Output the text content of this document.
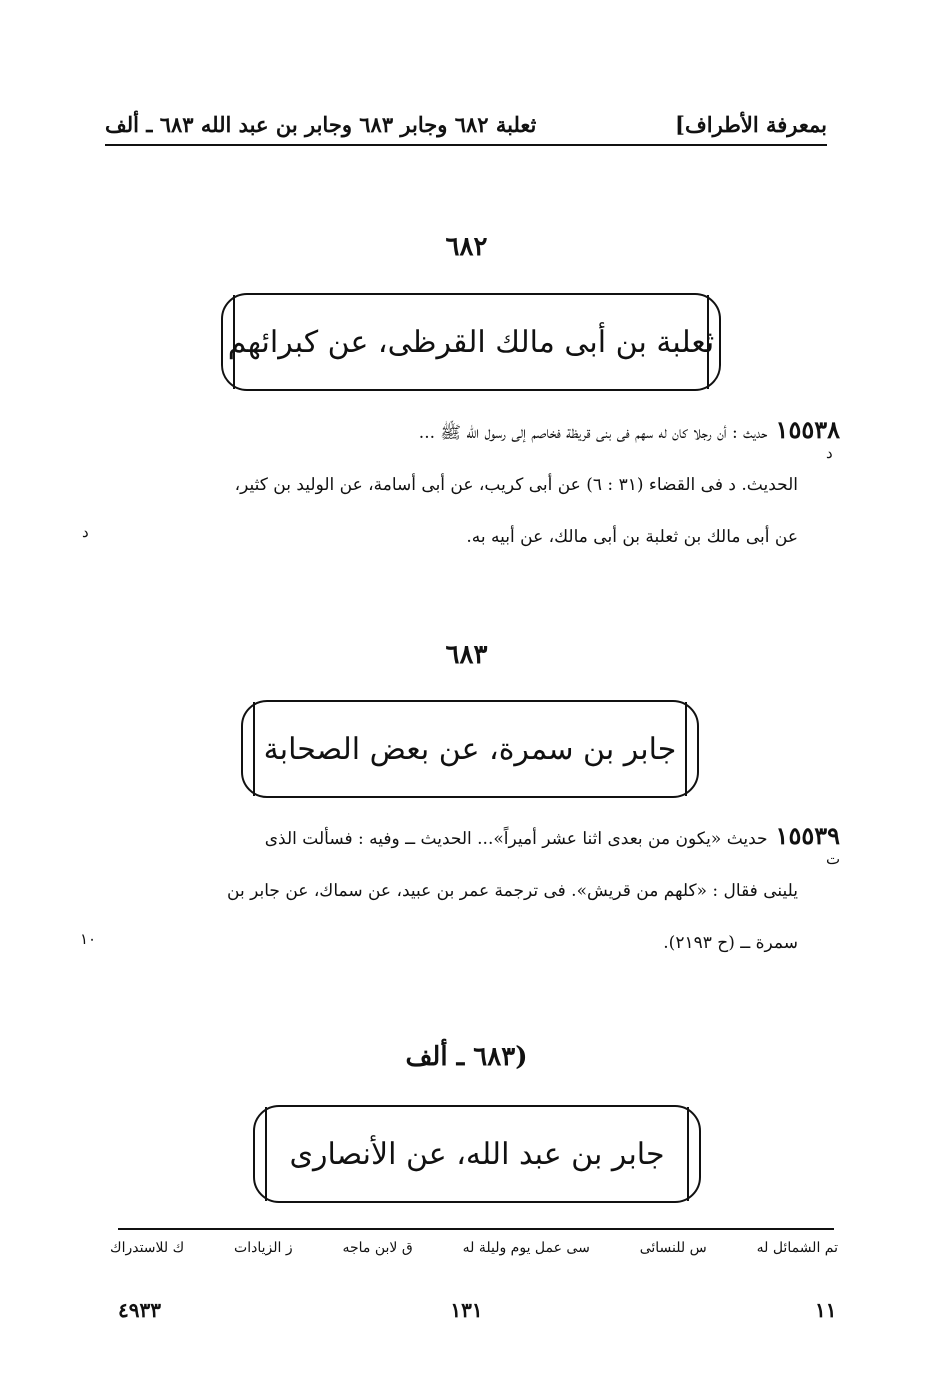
بمعرفة الأطراف]
ثعلبة ٦٨٢ وجابر ٦٨٣ وجابر بن عبد الله ٦٨٣ ـ ألف
٦٨٢
ثعلبة بن أبى مالك القرظى، عن كبرائهم
١٥٥٣٨حديث : أن رجلا كان له سهم فى بنى قريظة فخاصم إلى رسول الله ﷺ ...
الحديث. د فى القضاء (٣١ : ٦) عن أبى كريب، عن أبى أسامة، عن الوليد بن كثير،
عن أبى مالك بن ثعلبة بن أبى مالك، عن أبيه به.
د
د
٦٨٣
جابر بن سمرة، عن بعض الصحابة
١٥٥٣٩حديث «يكون من بعدى اثنا عشر أميراً»... الحديث ــ وفيه : فسألت الذى
يلينى فقال : «كلهم من قريش». فى ترجمة عمر بن عبيد، عن سماك، عن جابر بن
سمرة ــ (ح ٢١٩٣).
ت
١٠
(٦٨٣ ـ ألف
جابر بن عبد الله، عن الأنصارى
تم الشمائل له
س للنسائى
سى عمل يوم وليلة له
ق لابن ماجه
ز الزيادات
ك للاستدراك
١١
١٣١
٤٩٣٣
